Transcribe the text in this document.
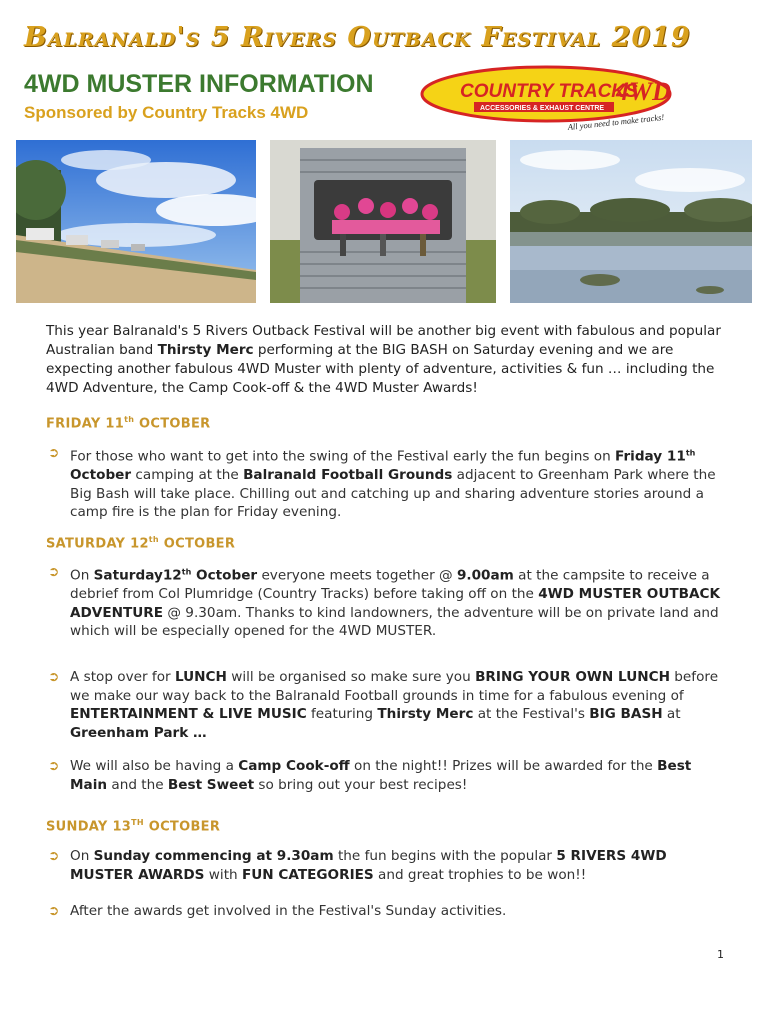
Balranald's 5 Rivers Outback Festival 2019
4WD MUSTER INFORMATION
Sponsored by Country Tracks 4WD
COUNTRY TRACKS
4WD
ACCESSORIES & EXHAUST CENTRE
All you need to make tracks!
This year Balranald's 5 Rivers Outback Festival will be another big event with fabulous and popular Australian band Thirsty Merc performing at the BIG BASH on Saturday evening and we are expecting another fabulous 4WD Muster with plenty of adventure, activities & fun … including the 4WD Adventure, the Camp Cook-off & the 4WD Muster Awards!
FRIDAY 11th OCTOBER
➲ For those who want to get into the swing of the Festival early the fun begins on Friday 11th October camping at the Balranald Football Grounds adjacent to Greenham Park where the Big Bash will take place. Chilling out and catching up and sharing adventure stories around a camp fire is the plan for Friday evening.
SATURDAY 12th OCTOBER
➲ On Saturday12th October everyone meets together @ 9.00am at the campsite to receive a debrief from Col Plumridge (Country Tracks) before taking off on the 4WD MUSTER OUTBACK ADVENTURE @ 9.30am. Thanks to kind landowners, the adventure will be on private land and which will be especially opened for the 4WD MUSTER.
➲ A stop over for LUNCH will be organised so make sure you BRING YOUR OWN LUNCH before we make our way back to the Balranald Football grounds in time for a fabulous evening of ENTERTAINMENT & LIVE MUSIC featuring Thirsty Merc at the Festival's BIG BASH at Greenham Park …
➲ We will also be having a Camp Cook-off on the night!! Prizes will be awarded for the Best Main and the Best Sweet so bring out your best recipes!
SUNDAY 13TH OCTOBER
➲ On Sunday commencing at 9.30am the fun begins with the popular 5 RIVERS 4WD MUSTER AWARDS with FUN CATEGORIES and great trophies to be won!!
➲ After the awards get involved in the Festival's Sunday activities.
1
